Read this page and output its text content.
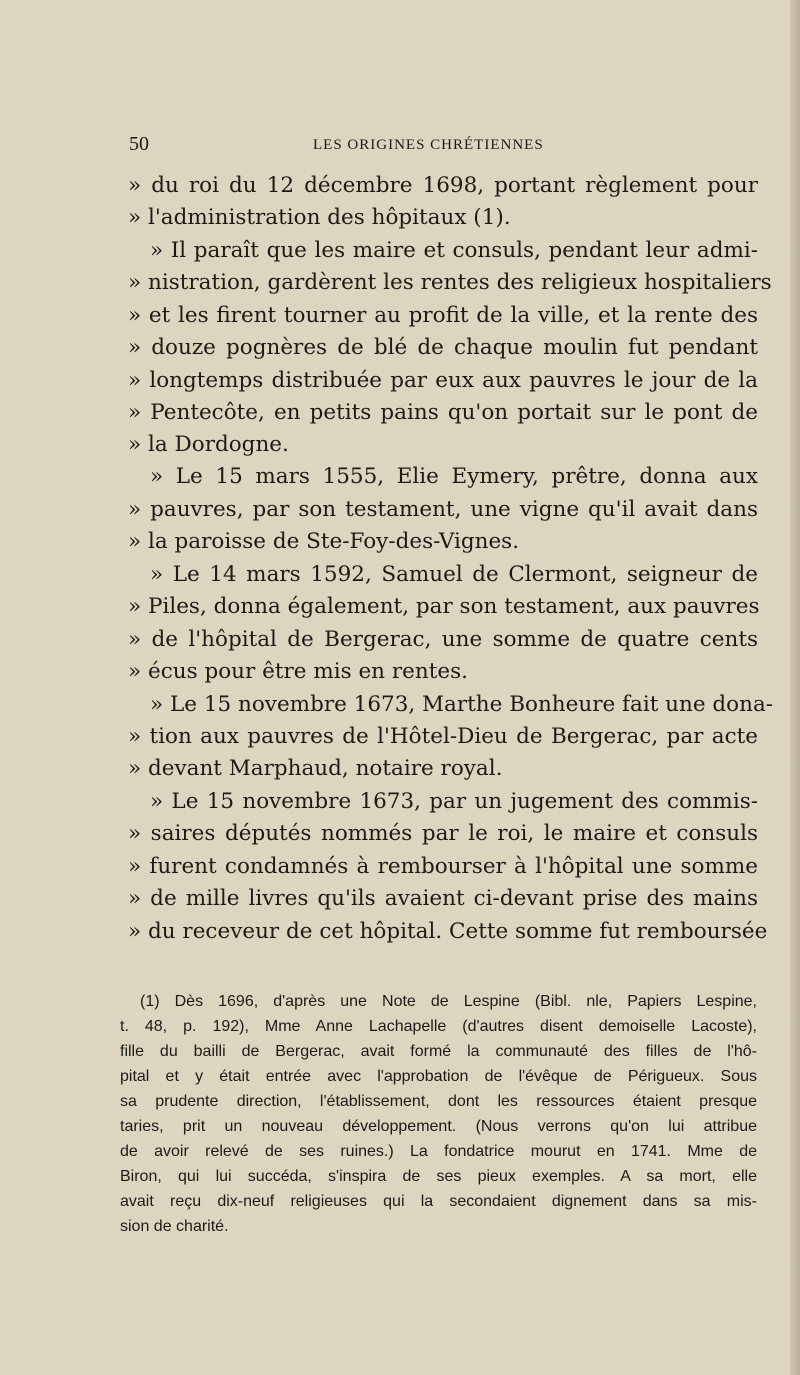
50	LES ORIGINES CHRÉTIENNES
» du roi du 12 décembre 1698, portant règlement pour
» l'administration des hôpitaux (1).
» Il paraît que les maire et consuls, pendant leur admi-
» nistration, gardèrent les rentes des religieux hospitaliers
» et les firent tourner au profit de la ville, et la rente des
» douze pognères de blé de chaque moulin fut pendant
» longtemps distribuée par eux aux pauvres le jour de la
» Pentecôte, en petits pains qu'on portait sur le pont de
» la Dordogne.
» Le 15 mars 1555, Elie Eymery, prêtre, donna aux
» pauvres, par son testament, une vigne qu'il avait dans
» la paroisse de Ste-Foy-des-Vignes.
» Le 14 mars 1592, Samuel de Clermont, seigneur de
» Piles, donna également, par son testament, aux pauvres
» de l'hôpital de Bergerac, une somme de quatre cents
» écus pour être mis en rentes.
» Le 15 novembre 1673, Marthe Bonheure fait une dona-
» tion aux pauvres de l'Hôtel-Dieu de Bergerac, par acte
» devant Marphaud, notaire royal.
» Le 15 novembre 1673, par un jugement des commis-
» saires députés nommés par le roi, le maire et consuls
» furent condamnés à rembourser à l'hôpital une somme
» de mille livres qu'ils avaient ci-devant prise des mains
» du receveur de cet hôpital. Cette somme fut remboursée
(1) Dès 1696, d'après une Note de Lespine (Bibl. nle, Papiers Lespine,
t. 48, p. 192), Mme Anne Lachapelle (d'autres disent demoiselle Lacoste),
fille du bailli de Bergerac, avait formé la communauté des filles de l'hô-
pital et y était entrée avec l'approbation de l'évêque de Périgueux. Sous
sa prudente direction, l'établissement, dont les ressources étaient presque
taries, prit un nouveau développement. (Nous verrons qu'on lui attribue
de avoir relevé de ses ruines.) La fondatrice mourut en 1741. Mme de
Biron, qui lui succéda, s'inspira de ses pieux exemples. A sa mort, elle
avait reçu dix-neuf religieuses qui la secondaient dignement dans sa mis-
sion de charité.
